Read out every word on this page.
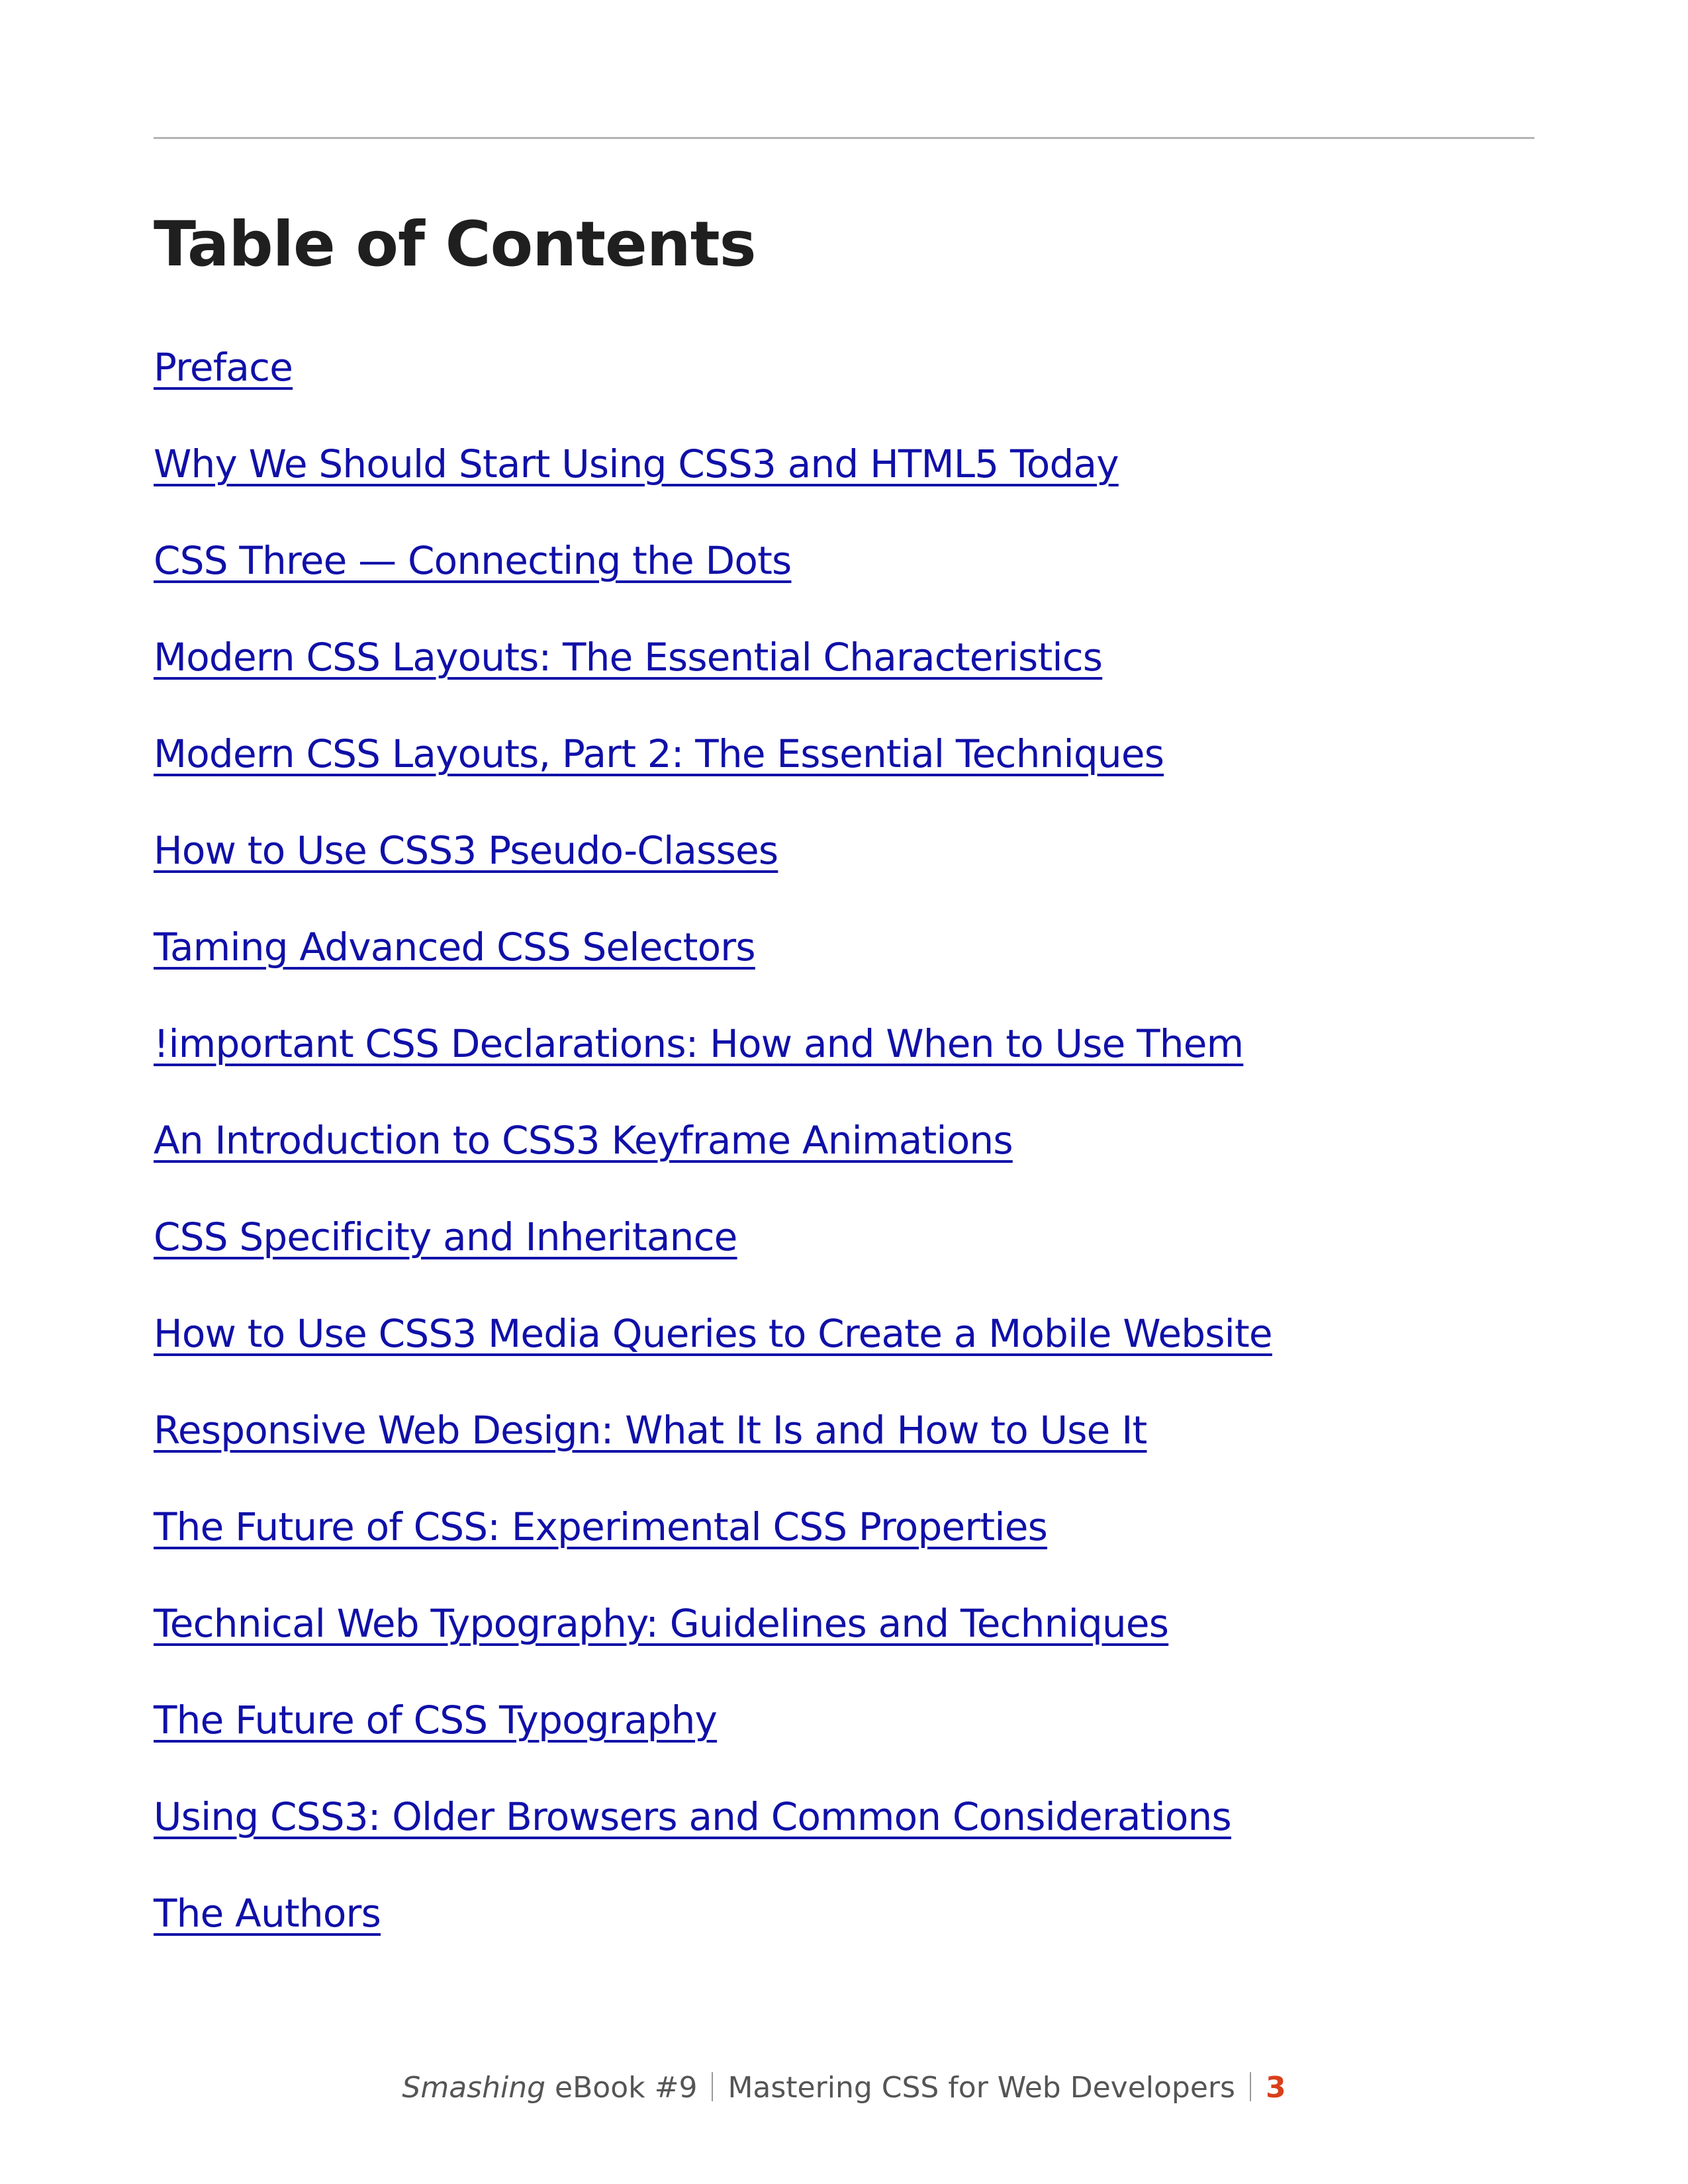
Table of Contents
Preface
Why We Should Start Using CSS3 and HTML5 Today
CSS Three — Connecting the Dots
Modern CSS Layouts: The Essential Characteristics
Modern CSS Layouts, Part 2: The Essential Techniques
How to Use CSS3 Pseudo-Classes
Taming Advanced CSS Selectors
!important CSS Declarations: How and When to Use Them
An Introduction to CSS3 Keyframe Animations
CSS Specificity and Inheritance
How to Use CSS3 Media Queries to Create a Mobile Website
Responsive Web Design: What It Is and How to Use It
The Future of CSS: Experimental CSS Properties
Technical Web Typography: Guidelines and Techniques
The Future of CSS Typography
Using CSS3: Older Browsers and Common Considerations
The Authors
Smashing eBook #9 Mastering CSS for Web Developers 3
